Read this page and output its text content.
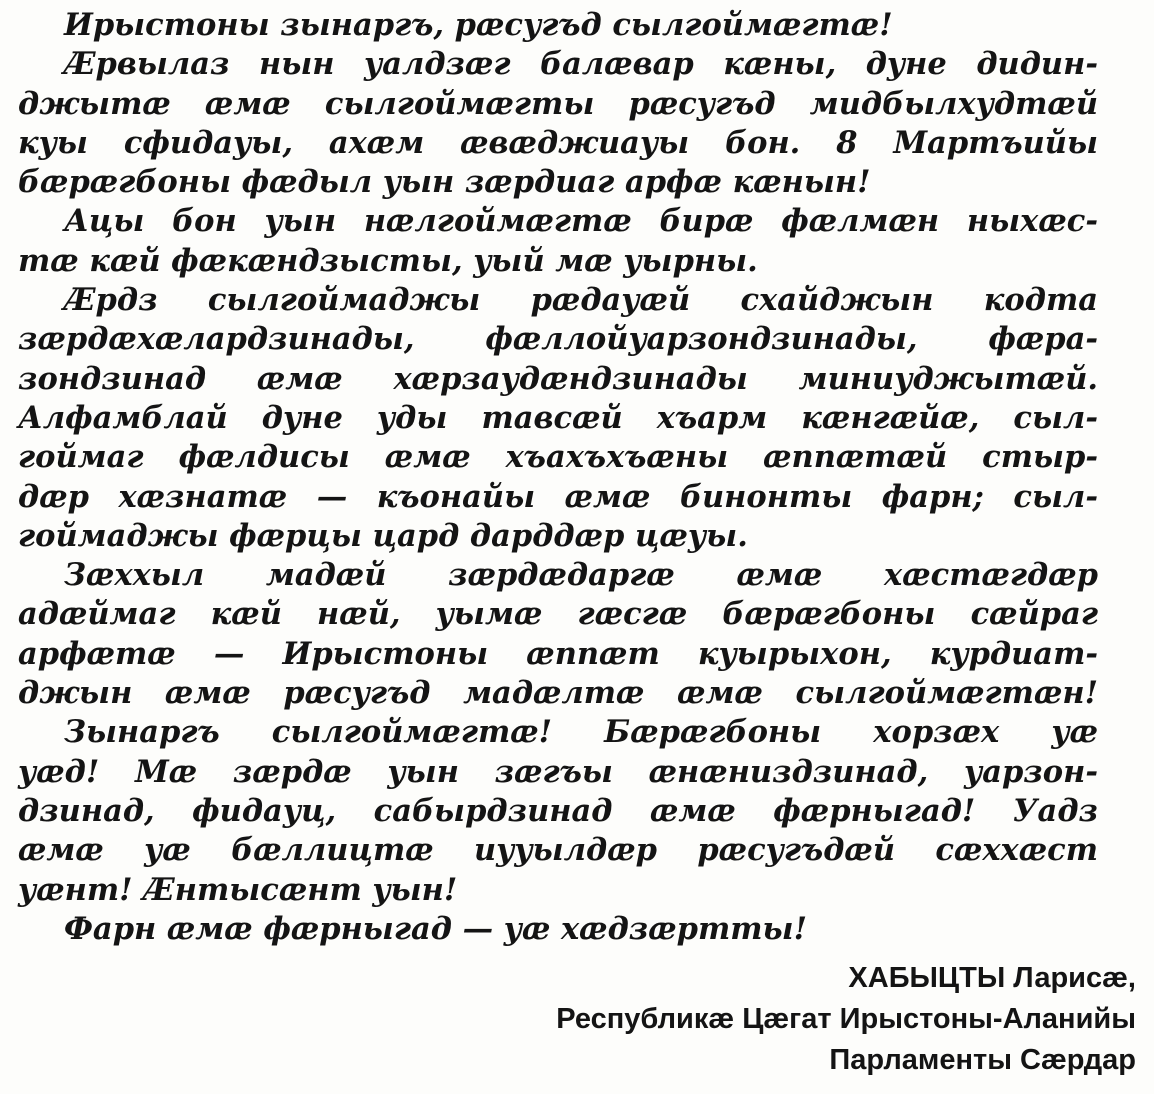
Ирыстоны зынаргъ, рæсугъд сылгоймæгтæ!
Æрвылаз нын уалдзæг балæвар кæны, дуне дидин-
джытæ æмæ сылгоймæгты рæсугъд мидбылхудтæй
куы сфидауы, ахæм æвæджиауы бон. 8 Мартъийы
бæрæгбоны фæдыл уын зæрдиаг арфæ кæнын!
Ацы бон уын нæлгоймæгтæ бирæ фæлмæн ныхæс-
тæ кæй фæкæндзысты, уый мæ уырны.
Æрдз сылгоймаджы рæдауæй схайджын кодта
зæрдæхæлардзинады, фæллойуарзондзинады, фæра-
зондзинад æмæ хæрзаудæндзинады миниуджытæй.
Алфамблай дуне уды тавсæй хъарм кæнгæйæ, сыл-
гоймаг фæлдисы æмæ хъахъхъæны æппæтæй стыр-
дæр хæзнатæ — къонайы æмæ бинонты фарн; сыл-
гоймаджы фæрцы цард дарддæр цæуы.
Зæххыл мадæй зæрдæдаргæ æмæ хæстæгдæр
адæймаг кæй нæй, уымæ гæсгæ бæрæгбоны сæйраг
арфæтæ — Ирыстоны æппæт куырыхон, курдиат-
джын æмæ рæсугъд мадæлтæ æмæ сылгоймæгтæн!
Зынаргъ сылгоймæгтæ! Бæрæгбоны хорзæх уæ
уæд! Мæ зæрдæ уын зæгъы æнæниздзинад, уарзон-
дзинад, фидауц, сабырдзинад æмæ фæрныгад! Уадз
æмæ уæ бæллицтæ иууылдæр рæсугъдæй сæххæст
уæнт! Æнтысæнт уын!
Фарн æмæ фæрныгад — уæ хæдзæртты!
ХАБЫЦТЫ Ларисæ,
Республикæ Цæгат Ирыстоны-Аланийы
Парламенты Сæрдар
